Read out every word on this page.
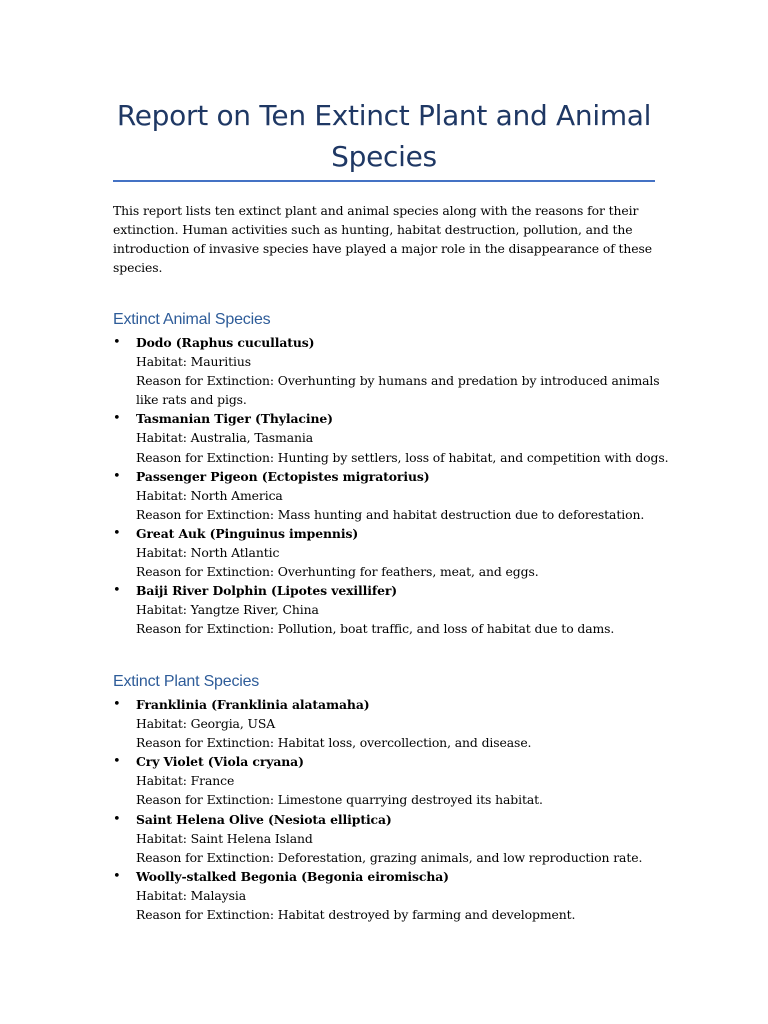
Report on Ten Extinct Plant and Animal Species

This report lists ten extinct plant and animal species along with the reasons for their extinction. Human activities such as hunting, habitat destruction, pollution, and the introduction of invasive species have played a major role in the disappearance of these species.

Extinct Animal Species
•	Dodo (Raphus cucullatus)
Habitat: Mauritius
Reason for Extinction: Overhunting by humans and predation by introduced animals like rats and pigs.
•	Tasmanian Tiger (Thylacine)
Habitat: Australia, Tasmania
Reason for Extinction: Hunting by settlers, loss of habitat, and competition with dogs.
•	Passenger Pigeon (Ectopistes migratorius)
Habitat: North America
Reason for Extinction: Mass hunting and habitat destruction due to deforestation.
•	Great Auk (Pinguinus impennis)
Habitat: North Atlantic
Reason for Extinction: Overhunting for feathers, meat, and eggs.
•	Baiji River Dolphin (Lipotes vexillifer)
Habitat: Yangtze River, China
Reason for Extinction: Pollution, boat traffic, and loss of habitat due to dams.
Extinct Plant Species
•	Franklinia (Franklinia alatamaha)
Habitat: Georgia, USA
Reason for Extinction: Habitat loss, overcollection, and disease.
•	Cry Violet (Viola cryana)
Habitat: France
Reason for Extinction: Limestone quarrying destroyed its habitat.
•	Saint Helena Olive (Nesiota elliptica)
Habitat: Saint Helena Island
Reason for Extinction: Deforestation, grazing animals, and low reproduction rate.
•	Woolly-stalked Begonia (Begonia eiromischa)
Habitat: Malaysia
Reason for Extinction: Habitat destroyed by farming and development.
